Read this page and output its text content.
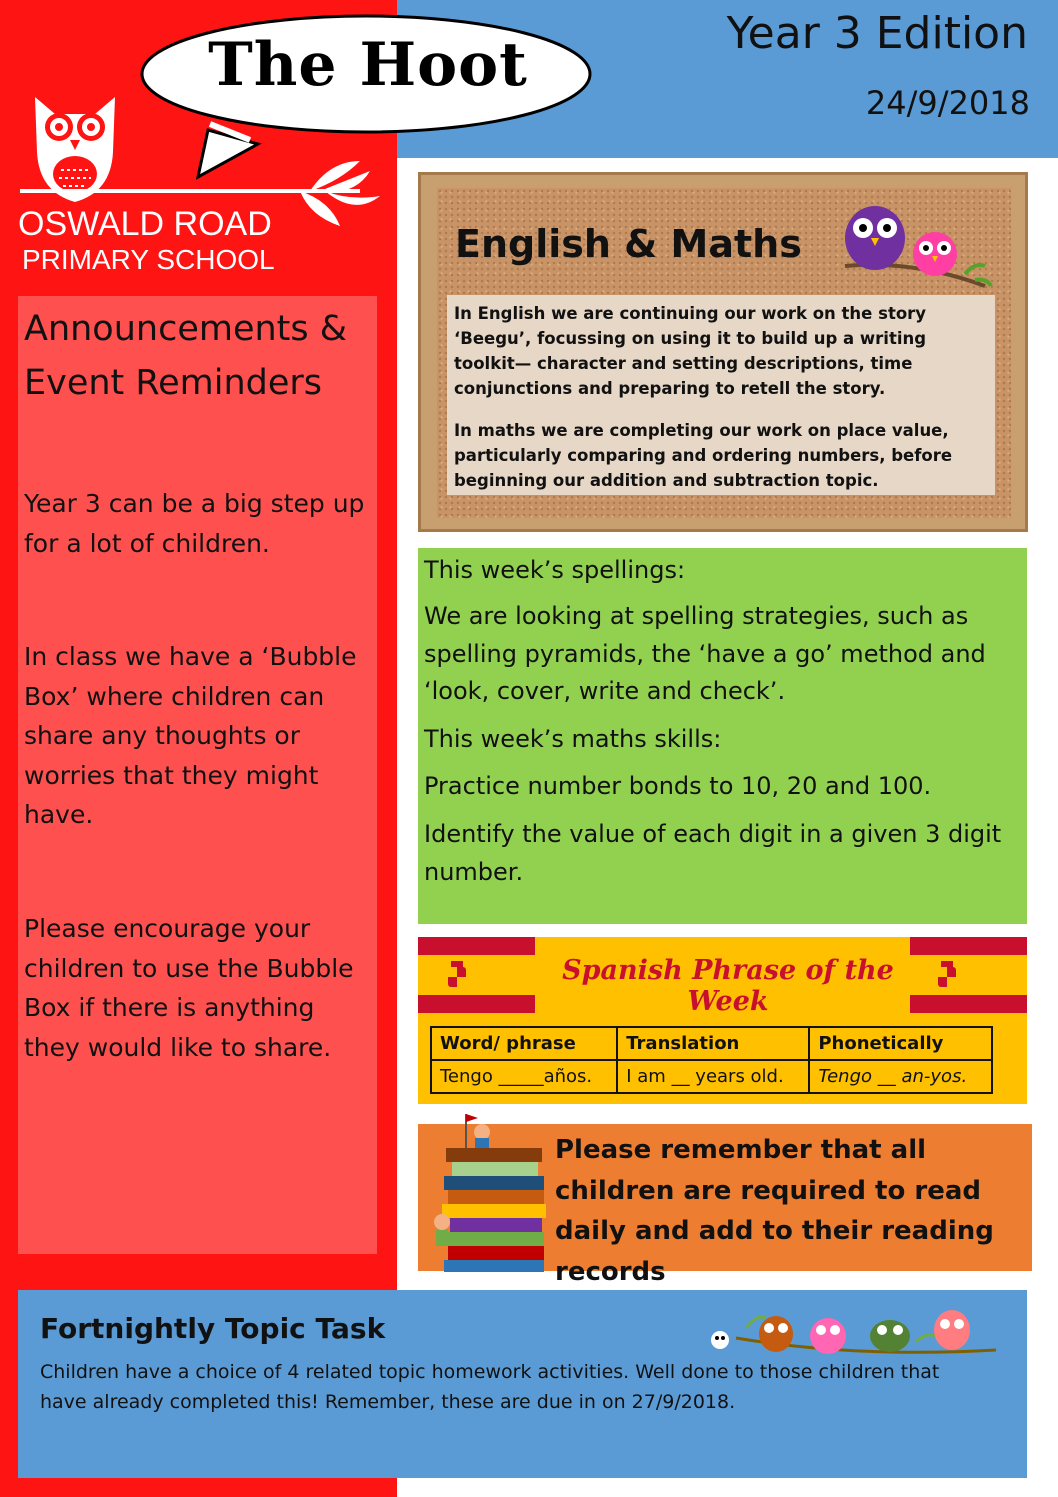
Year 3 Edition
24/9/2018
The Hoot
OSWALD ROAD
PRIMARY SCHOOL
Announcements & Event Reminders

Year 3 can be a big step up for a lot of children.

In class we have a ‘Bubble Box’ where children can share any thoughts or worries that they might have.

Please encourage your children to use the Bubble Box if there is anything they would like to share.

English & Maths

In English we are continuing our work on the story ‘Beegu’, focussing on using it to build up a writing toolkit— character and setting descriptions, time conjunctions and preparing to retell the story.

In maths we are completing our work on place value, particularly comparing and ordering numbers, before beginning our addition and subtraction topic.

This week’s spellings:

We are looking at spelling strategies, such as spelling pyramids, the ‘have a go’ method and ‘look, cover, write and check’.

This week’s maths skills:

Practice number bonds to 10, 20 and 100.

Identify the value of each digit in a given 3 digit number.

Spanish Phrase of the Week
Word/ phrase	Translation	Phonetically
Tengo _____años.	I am __ years old.	Tengo __ an-yos.
Please remember that all children are required to read daily and add to their reading records
Fortnightly Topic Task

Children have a choice of 4 related topic homework activities. Well done to those children that have already completed this! Remember, these are due in on 27/9/2018.
